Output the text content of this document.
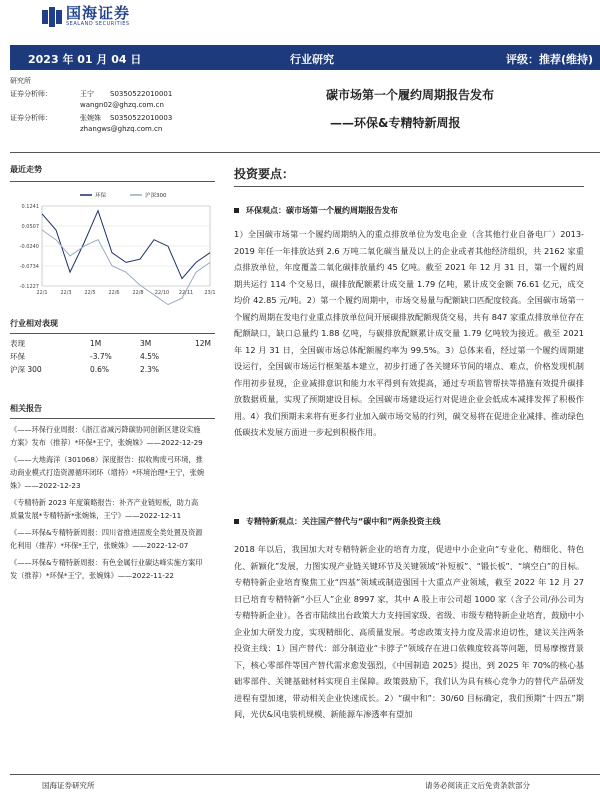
国海证券
SEALAND SECURITIES
2023 年 01 月 04 日	行业研究	评级：推荐(维持)
研究所
证券分析师：	王宁	S0350522010001
wangn02@ghzq.com.cn
证券分析师：	张婉姝	S0350522010003
zhangws@ghzq.com.cn
碳市场第一个履约周期报告发布
——环保&专精特新周报
最近走势
0.1241
0.0507
-0.0240
-0.0734
-0.1227
22/1	22/3	22/5	22/6	22/8 22/10 22/11 23/1
环保	沪深300
行业相对表现
表现	1M	3M	12M
环保	-3.7%	4.5%	
沪深 300	0.6%	2.3%	
相关报告
《——环保行业周报：《浙江省减污降碳协同创新区建设实施方案》发布（推荐）*环保*王宁，张婉姝》——2022-12-29
《——大地海洋（301068）深度报告：拟收购废弓环境，推动商业模式打造资源循环闭环（增持）*环境治理*王宁，张婉姝》——2022-12-23
《专精特新 2023 年度策略报告：补齐产业链短板，助力高质量发展*专精特新*张婉姝，王宁》——2022-12-11
《——环保&专精特新周报：四川省推进固废全类处置及资源化利用（推荐）*环保*王宁，张婉姝》——2022-12-07
《——环保&专精特新周报：有色金属行业碳达峰实施方案印发（推荐）*环保*王宁，张婉姝》——2022-11-22
投资要点：
环保观点：碳市场第一个履约周期报告发布
1）全国碳市场第一个履约周期纳入的重点排放单位为发电企业（含其他行业自备电厂）2013-2019 年任一年排放达到 2.6 万吨二氧化碳当量及以上的企业或者其他经济组织，共 2162 家重点排放单位，年度覆盖二氧化碳排放量约 45 亿吨。截至 2021 年 12 月 31 日，第一个履约周期共运行 114 个交易日，碳排放配额累计成交量 1.79 亿吨，累计成交金额 76.61 亿元，成交均价 42.85 元/吨。2）第一个履约周期中，市场交易量与配额缺口匹配度较高。全国碳市场第一个履约周期在发电行业重点排放单位间开展碳排放配额现货交易，共有 847 家重点排放单位存在配额缺口，缺口总量约 1.88 亿吨，与碳排放配额累计成交量 1.79 亿吨较为接近。截至 2021 年 12 月 31 日，全国碳市场总体配额履约率为 99.5%。3）总体来看，经过第一个履约周期建设运行，全国碳市场运行框架基本建立，初步打通了各关键环节间的堵点、难点，价格发现机制作用初步显现，企业减排意识和能力水平得到有效提高，通过专项监管帮扶等措施有效提升碳排放数据质量，实现了预期建设目标。全国碳市场建设运行对促进企业会低成本减排发挥了积极作用。4）我们预期未来将有更多行业加入碳市场交易的行列，碳交易将在促进企业减排、推动绿色低碳技术发展方面进一步起到积极作用。
专精特新观点：关注国产替代与“碳中和”两条投资主线
2018 年以后，我国加大对专精特新企业的培育力度，促进中小企业向“专业化、精细化、特色化、新颖化”发展，力图实现产业链关键环节及关键领域“补短板”、“锻长板”、“填空白”的目标。专精特新企业培育聚焦工业“四基”领域或制造强国十大重点产业领域，截至 2022 年 12 月 27 日已培育专精特新“小巨人”企业 8997 家，其中 A 股上市公司超 1000 家（含子公司/孙公司为专精特新企业）。各省市陆续出台政策大力支持国家级、省级、市级专精特新企业培育，鼓励中小企业加大研发力度，实现精细化、高质量发展。考虑政策支持力度及需求迫切性，建议关注两条投资主线：1）国产替代：部分制造业“卡脖子”领域存在进口依赖度较高等问题，贸易摩擦背景下，核心零部件等国产替代需求愈发强烈，《中国制造 2025》提出，到 2025 年 70%的核心基础零部件、关键基础材料实现自主保障。政策鼓励下，我们认为具有核心竞争力的替代产品研发进程有望加速，带动相关企业快速成长。2）“碳中和”：30/60 目标确定，我们预期“十四五”期间，光伏&风电装机规模、新能源车渗透率有望加
国海证券研究所	请务必阅读正文后免责条款部分
